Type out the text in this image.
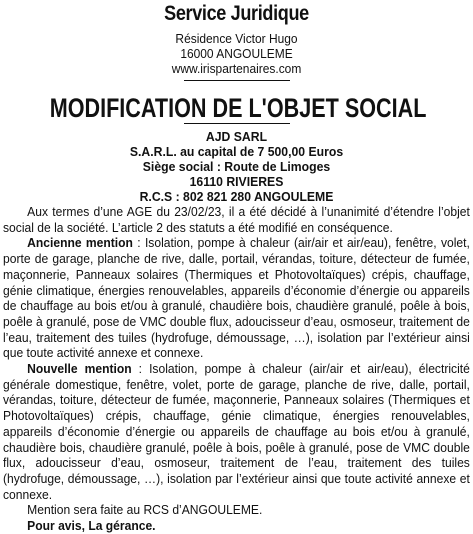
Service Juridique
Résidence Victor Hugo
16000 ANGOULEME
www.irispartenaires.com
MODIFICATION DE L'OBJET SOCIAL
AJD SARL
S.A.R.L. au capital de 7 500,00 Euros
Siège social : Route de Limoges
16110 RIVIERES
R.C.S : 802 821 280 ANGOULEME

Aux termes d’une AGE du 23/02/23, il a été décidé à l’unanimité d’étendre l’objet social de la société. L’article 2 des statuts a été modifié en conséquence.

Ancienne mention : Isolation, pompe à chaleur (air/air et air/eau), fenêtre, volet, porte de garage, planche de rive, dalle, portail, vérandas, toiture, détecteur de fumée, maçonnerie, Panneaux solaires (Thermiques et Photovoltaïques) crépis, chauffage, génie climatique, énergies renouvelables, appareils d’économie d’énergie ou appareils de chauffage au bois et/ou à granulé, chaudière bois, chaudière granulé, poêle à bois, poêle à granulé, pose de VMC double flux, adoucisseur d’eau, osmoseur, traitement de l’eau, traitement des tuiles (hydrofuge, démoussage, …), isolation par l’extérieur ainsi que toute activité annexe et connexe.

Nouvelle mention : Isolation, pompe à chaleur (air/air et air/eau), électricité générale domestique, fenêtre, volet, porte de garage, planche de rive, dalle, portail, vérandas, toiture, détecteur de fumée, maçonnerie, Panneaux solaires (Thermiques et Photovoltaïques) crépis, chauffage, génie climatique, énergies renouvelables, appareils d’économie d’énergie ou appareils de chauffage au bois et/ou à granulé, chaudière bois, chaudière granulé, poêle à bois, poêle à granulé, pose de VMC double flux, adoucisseur d’eau, osmoseur, traitement de l’eau, traitement des tuiles (hydrofuge, démoussage, …), isolation par l’extérieur ainsi que toute activité annexe et connexe.

Mention sera faite au RCS d’ANGOULEME.

Pour avis, La gérance.
